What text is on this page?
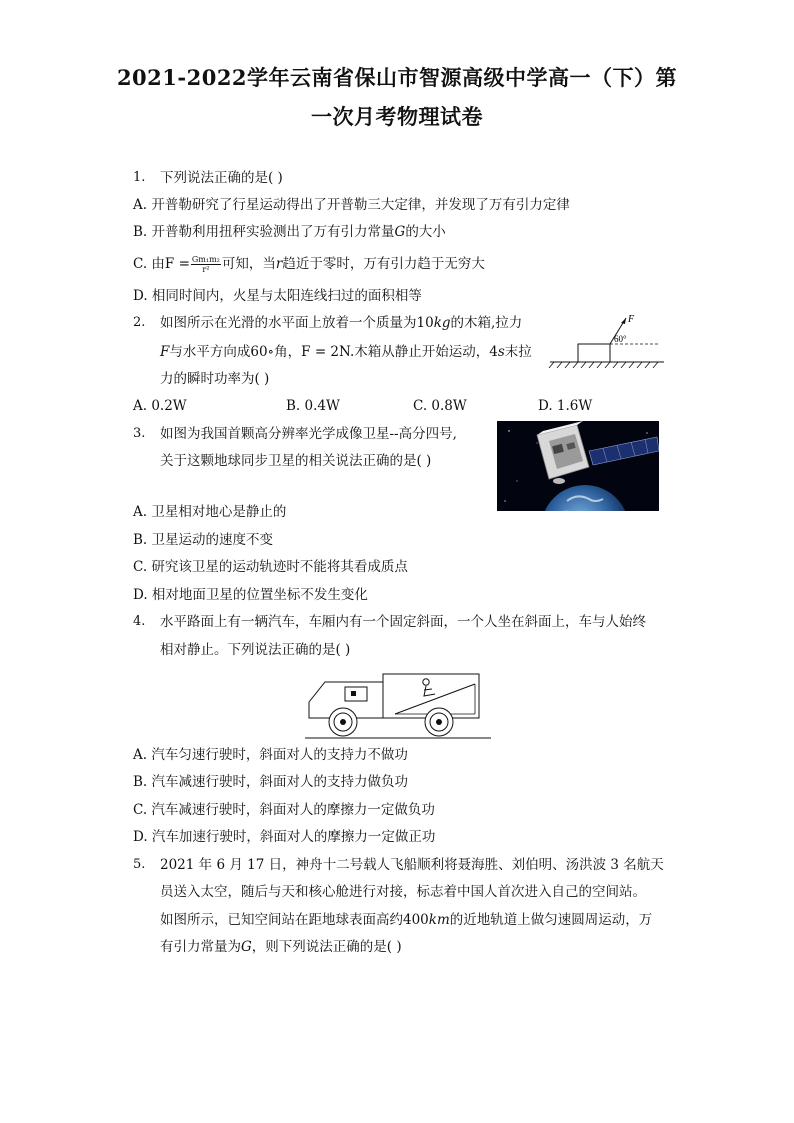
2021-2022学年云南省保山市智源高级中学高一（下）第
一次月考物理试卷
1. 下列说法正确的是( )
A. 开普勒研究了行星运动得出了开普勒三大定律，并发现了万有引力定律
B. 开普勒利用扭秤实验测出了万有引力常量G的大小
C. 由$F = \frac{\text{Gm₁m₂}}{\text{r²}}$ 可知，当r趋近于零时，万有引力趋于无穷大
D. 相同时间内，火星与太阳连线扫过的面积相等
2. 如图所示在光滑的水平面上放着一个质量为10kg的木箱,拉力
F与水平方向成60∘角，F = 2N.木箱从静止开始运动，4s末拉
力的瞬时功率为( )
F
60°
A. 0.2W	B. 0.4W	C. 0.8W	D. 1.6W
3. 如图为我国首颗高分辨率光学成像卫星--高分四号,
关于这颗地球同步卫星的相关说法正确的是( )
A. 卫星相对地心是静止的
B. 卫星运动的速度不变
C. 研究该卫星的运动轨迹时不能将其看成质点
D. 相对地面卫星的位置坐标不发生变化
4. 水平路面上有一辆汽车，车厢内有一个固定斜面，一个人坐在斜面上，车与人始终
相对静止。下列说法正确的是( )
A. 汽车匀速行驶时，斜面对人的支持力不做功
B. 汽车减速行驶时，斜面对人的支持力做负功
C. 汽车减速行驶时，斜面对人的摩擦力一定做负功
D. 汽车加速行驶时，斜面对人的摩擦力一定做正功
5. 2021 年 6 月 17 日，神舟十二号载人飞船顺利将聂海胜、刘伯明、汤洪波 3 名航天
员送入太空，随后与天和核心舱进行对接，标志着中国人首次进入自己的空间站。
如图所示，已知空间站在距地球表面高约400km的近地轨道上做匀速圆周运动，万
有引力常量为G，则下列说法正确的是( )
